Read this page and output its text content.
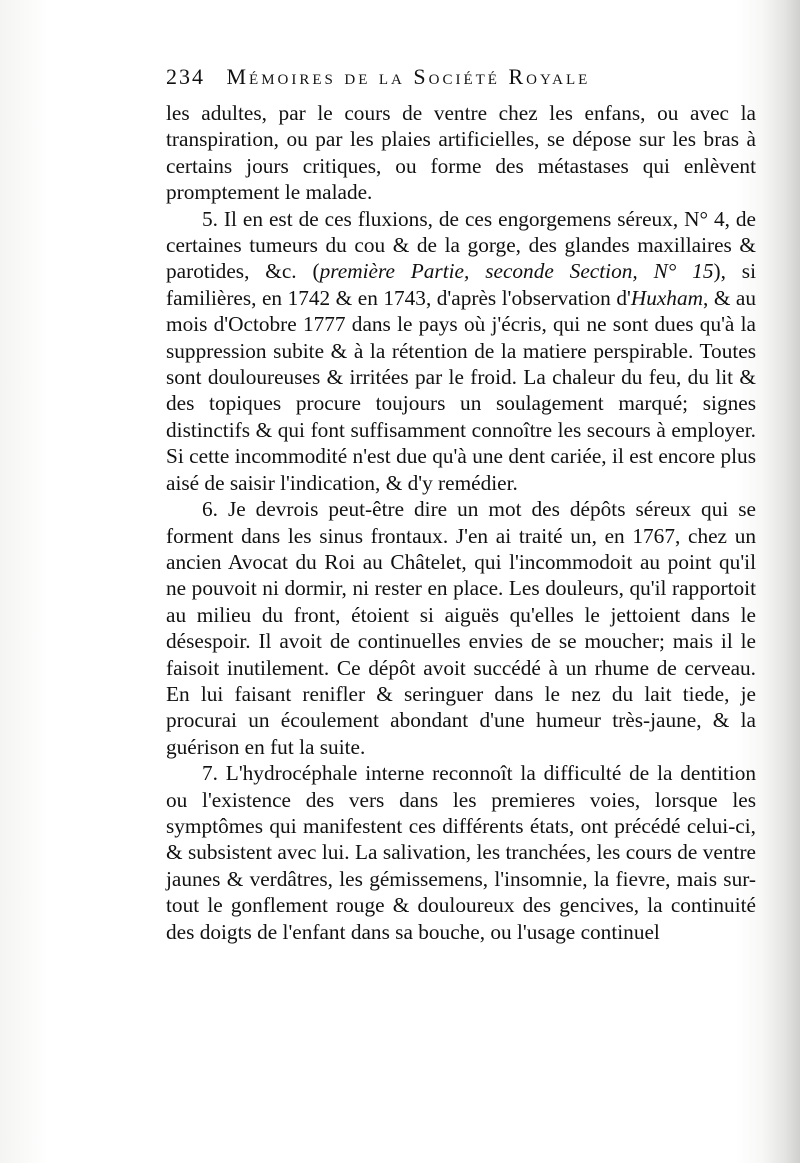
234 Mémoires de la Société Royale

les adultes, par le cours de ventre chez les enfans, ou avec la transpiration, ou par les plaies artificielles, se dépose sur les bras à certains jours critiques, ou forme des métastases qui enlèvent promptement le malade.

5. Il en est de ces fluxions, de ces engorgemens séreux, N° 4, de certaines tumeurs du cou & de la gorge, des glandes maxillaires & parotides, &c. (première Partie, seconde Section, N° 15), si familières, en 1742 & en 1743, d'après l'observation d'Huxham, & au mois d'Octobre 1777 dans le pays où j'écris, qui ne sont dues qu'à la suppression subite & à la rétention de la matiere perspirable. Toutes sont douloureuses & irritées par le froid. La chaleur du feu, du lit & des topiques procure toujours un soulagement marqué; signes distinctifs & qui font suffisamment connoître les secours à employer. Si cette incommodité n'est due qu'à une dent cariée, il est encore plus aisé de saisir l'indication, & d'y remédier.

6. Je devrois peut-être dire un mot des dépôts séreux qui se forment dans les sinus frontaux. J'en ai traité un, en 1767, chez un ancien Avocat du Roi au Châtelet, qui l'incommodoit au point qu'il ne pouvoit ni dormir, ni rester en place. Les douleurs, qu'il rapportoit au milieu du front, étoient si aiguës qu'elles le jettoient dans le désespoir. Il avoit de continuelles envies de se moucher; mais il le faisoit inutilement. Ce dépôt avoit succédé à un rhume de cerveau. En lui faisant renifler & seringuer dans le nez du lait tiede, je procurai un écoulement abondant d'une humeur très-jaune, & la guérison en fut la suite.

7. L'hydrocéphale interne reconnoît la difficulté de la dentition ou l'existence des vers dans les premieres voies, lorsque les symptômes qui manifestent ces différents états, ont précédé celui-ci, & subsistent avec lui. La salivation, les tranchées, les cours de ventre jaunes & verdâtres, les gémissemens, l'insomnie, la fievre, mais sur-tout le gonflement rouge & douloureux des gencives, la continuité des doigts de l'enfant dans sa bouche, ou l'usage continuel
